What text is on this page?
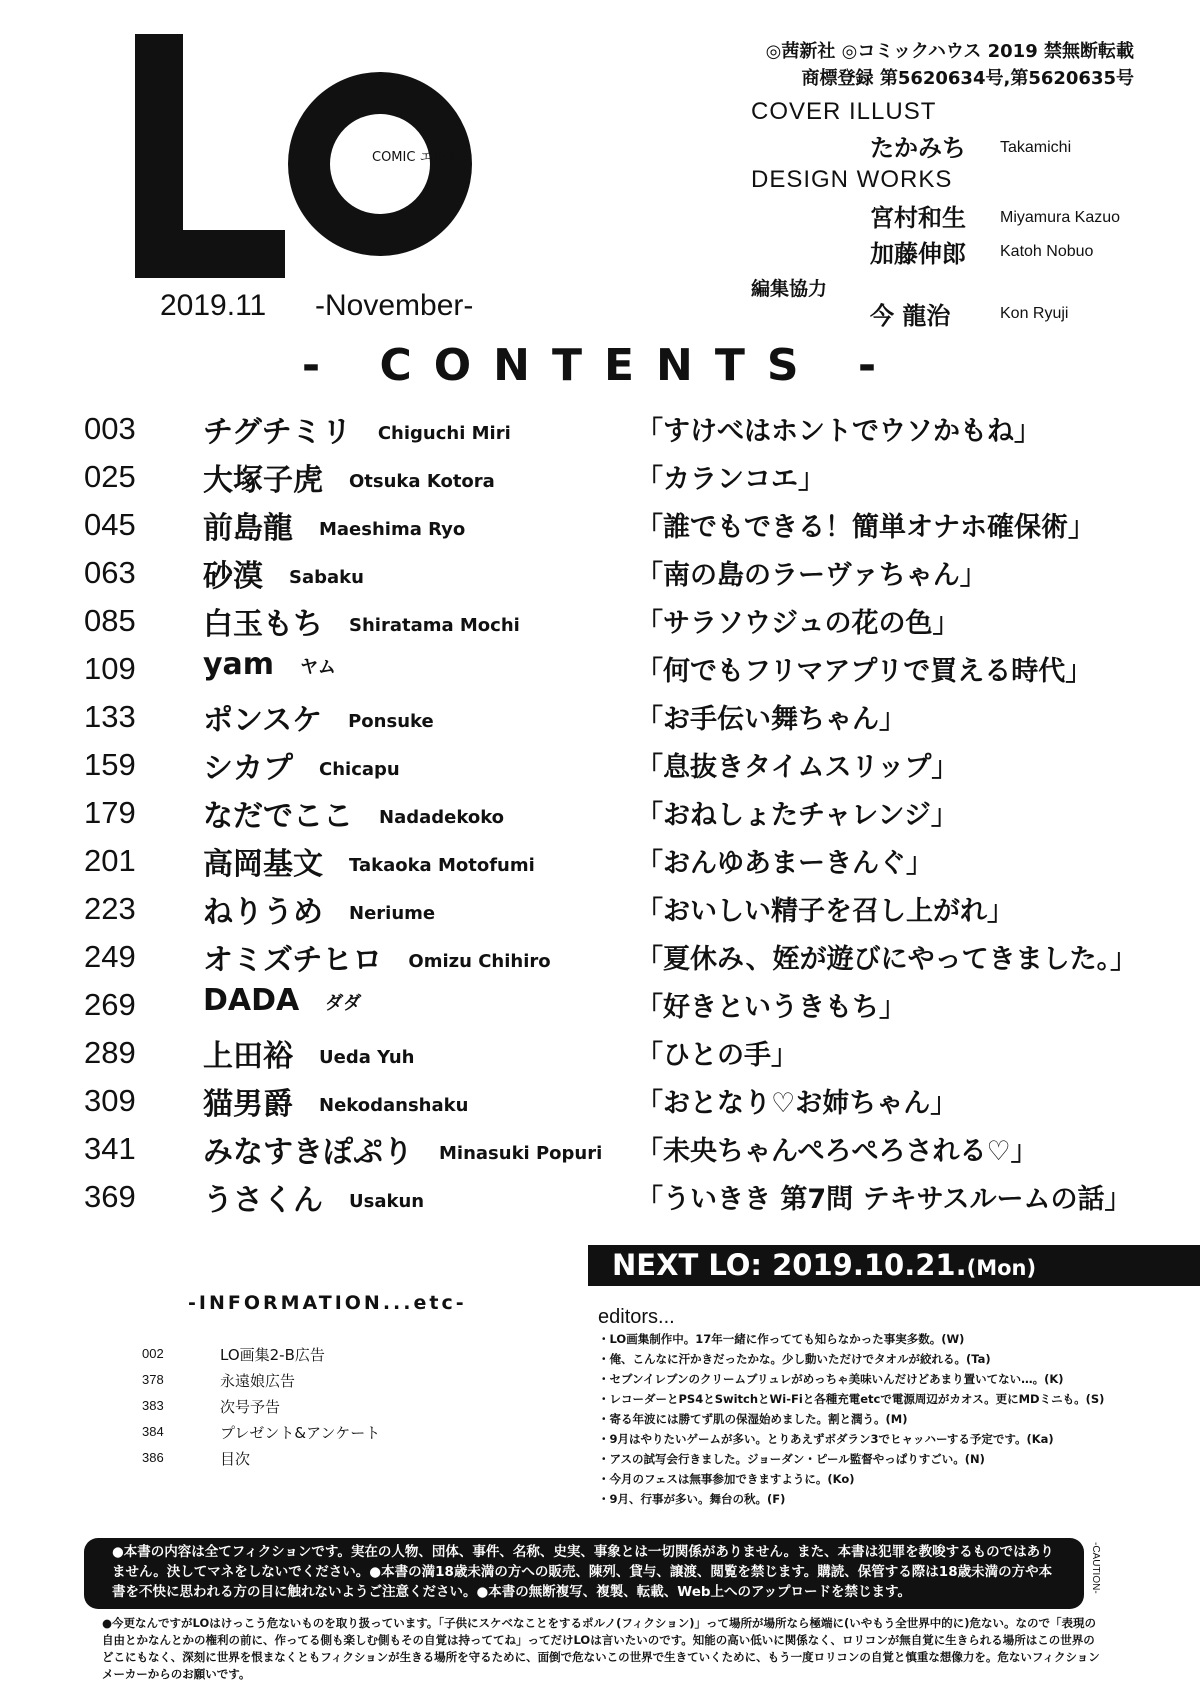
COMIC エルオー
2019.11 -November-
◎茜新社 ◎コミックハウス 2019 禁無断転載
商標登録 第5620634号,第5620635号
COVER ILLUST
たかみち Takamichi
DESIGN WORKS
宮村和生 Miyamura Kazuo
加藤伸郎 Katoh Nobuo
編集協力
今 龍治	Kon Ryuji
- CONTENTS -
003 チグチミリ Chiguchi Miri	「すけべはホントでウソかもね」
025 大塚子虎 Otsuka Kotora	「カランコエ」
045 前島龍 Maeshima Ryo	「誰でもできる！簡単オナホ確保術」
063 砂漠 Sabaku	「南の島のラーヴァちゃん」
085 白玉もち Shiratama Mochi	「サラソウジュの花の色」
109 yam ヤム	「何でもフリマアプリで買える時代」
133 ポンスケ Ponsuke	「お手伝い舞ちゃん」
159 シカプ Chicapu	「息抜きタイムスリップ」
179 なだでここ Nadadekoko	「おねしょたチャレンジ」
201 高岡基文 Takaoka Motofumi	「おんゆあまーきんぐ」
223 ねりうめ Neriume	「おいしい精子を召し上がれ」
249 オミズチヒロ Omizu Chihiro	「夏休み、姪が遊びにやってきました。」
269 DADA ダダ	「好きというきもち」
289 上田裕 Ueda Yuh	「ひとの手」
309 猫男爵 Nekodanshaku	「おとなり♡お姉ちゃん」
341 みなすきぽぷり Minasuki Popuri 「未央ちゃんぺろぺろされる♡」
369 うさくん Usakun	「ういきき 第7問 テキサスルームの話」
NEXT LO: 2019.10.21.(Mon)
-INFORMATION...etc-
002	LO画集2-B広告
378	永遠娘広告
383	次号予告
384	プレゼント&アンケート
386	目次
editors...
・LO画集制作中。17年一緒に作ってても知らなかった事実多数。(W)
・俺、こんなに汗かきだったかな。少し動いただけでタオルが絞れる。(Ta)
・セブンイレブンのクリームブリュレがめっちゃ美味いんだけどあまり置いてない…。(K)
・レコーダーとPS4とSwitchとWi-Fiと各種充電etcで電源周辺がカオス。更にMDミニも。(S)
・寄る年波には勝てず肌の保湿始めました。割と潤う。(M)
・9月はやりたいゲームが多い。とりあえずボダラン3でヒャッハーする予定です。(Ka)
・アスの試写会行きました。ジョーダン・ピール監督やっぱりすごい。(N)
・今月のフェスは無事参加できますように。(Ko)
・9月、行事が多い。舞台の秋。(F)
●本書の内容は全てフィクションです。実在の人物、団体、事件、名称、史実、事象とは一切関係がありません。また、本書は犯罪を教唆するものではありません。決してマネをしないでください。●本書の満18歳未満の方への販売、陳列、貸与、譲渡、閲覧を禁じます。購読、保管する際は18歳未満の方や本書を不快に思われる方の目に触れないようご注意ください。●本書の無断複写、複製、転載、Web上へのアップロードを禁じます。	-CAUTION-
●今更なんですがLOはけっこう危ないものを取り扱っています。「子供にスケベなことをするポルノ(フィクション)」って場所が場所なら極端に(いやもう全世界中的に)危ない。なので「表現の自由とかなんとかの権利の前に、作ってる側も楽しむ側もその自覚は持っててね」ってだけLOは言いたいのです。知能の高い低いに関係なく、ロリコンが無自覚に生きられる場所はこの世界のどこにもなく、深刻に世界を恨まなくともフィクションが生きる場所を守るために、面倒で危ないこの世界で生きていくために、もう一度ロリコンの自覚と慎重な想像力を。危ないフィクションメーカーからのお願いです。
